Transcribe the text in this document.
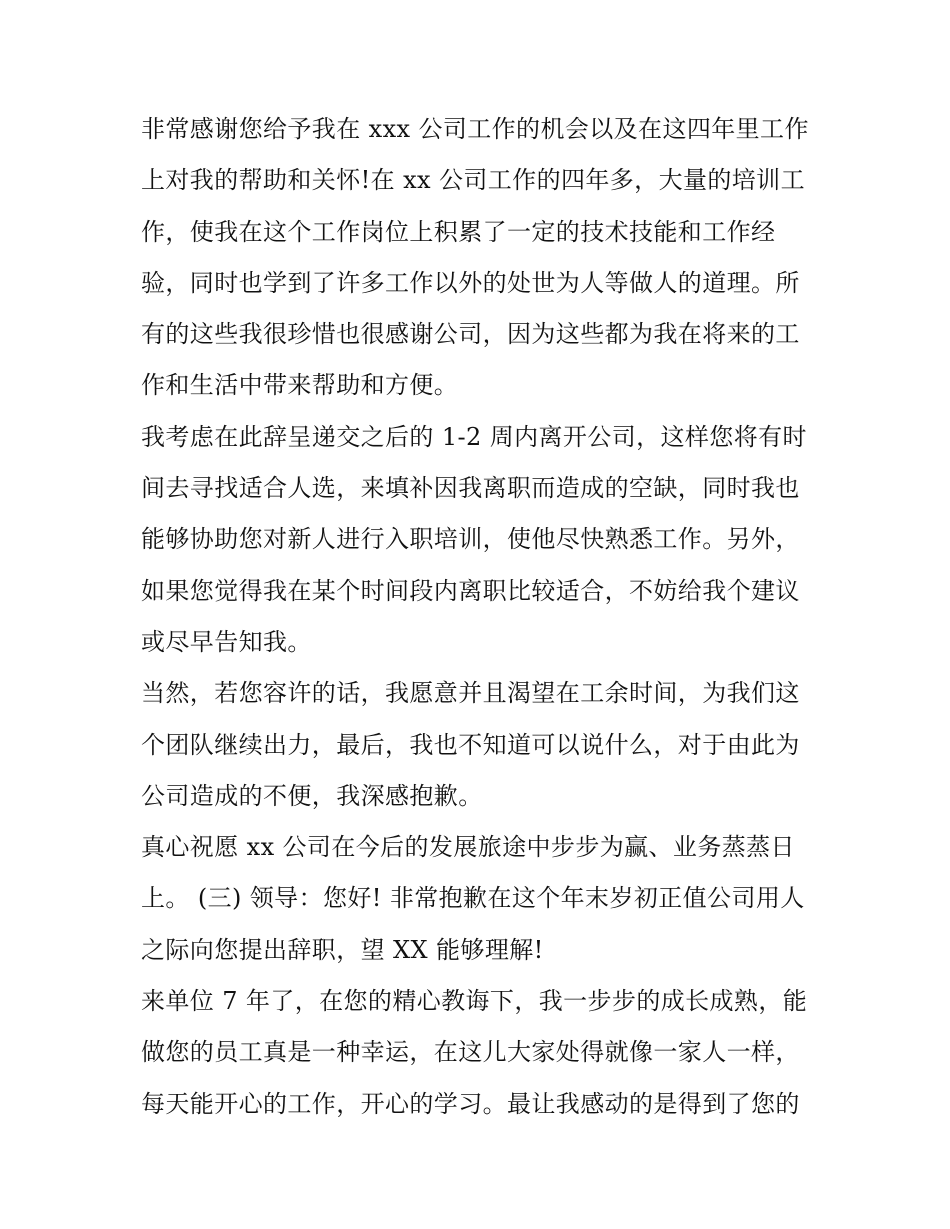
非常感谢您给予我在 xxx 公司工作的机会以及在这四年里工作
上对我的帮助和关怀!在 xx 公司工作的四年多，大量的培训工
作，使我在这个工作岗位上积累了一定的技术技能和工作经
验，同时也学到了许多工作以外的处世为人等做人的道理。所
有的这些我很珍惜也很感谢公司，因为这些都为我在将来的工
作和生活中带来帮助和方便。
我考虑在此辞呈递交之后的 1-2 周内离开公司，这样您将有时
间去寻找适合人选，来填补因我离职而造成的空缺，同时我也
能够协助您对新人进行入职培训，使他尽快熟悉工作。另外，
如果您觉得我在某个时间段内离职比较适合，不妨给我个建议
或尽早告知我。
当然，若您容许的话，我愿意并且渴望在工余时间，为我们这
个团队继续出力，最后，我也不知道可以说什么，对于由此为
公司造成的不便，我深感抱歉。
真心祝愿 xx 公司在今后的发展旅途中步步为赢、业务蒸蒸日
上。 (三) 领导：您好! 非常抱歉在这个年末岁初正值公司用人
之际向您提出辞职，望 XX 能够理解!
来单位 7 年了，在您的精心教诲下，我一步步的成长成熟，能
做您的员工真是一种幸运，在这儿大家处得就像一家人一样，
每天能开心的工作，开心的学习。最让我感动的是得到了您的
